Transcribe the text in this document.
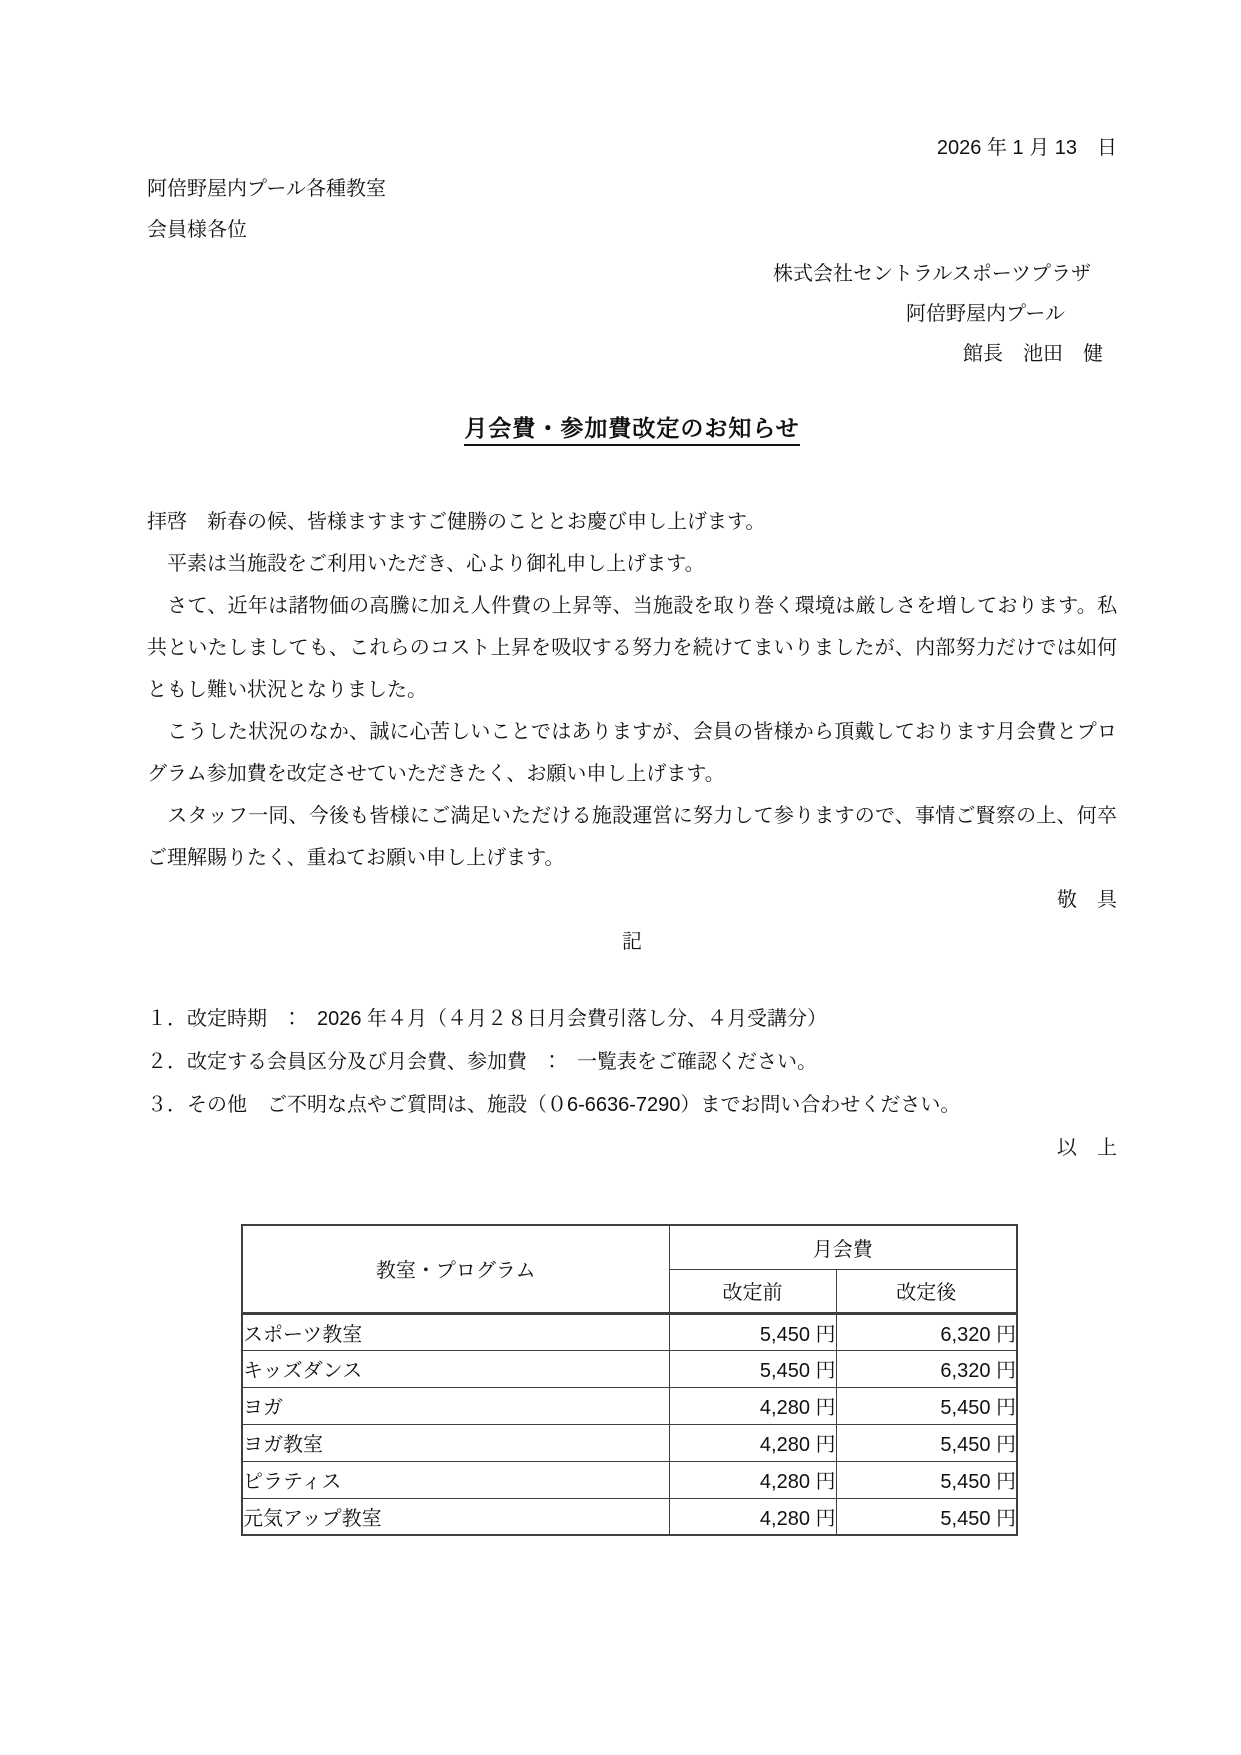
2026 年 1 月 13　日
阿倍野屋内プール各種教室
会員様各位
株式会社セントラルスポーツプラザ
阿倍野屋内プール
館長　池田　健
月会費・参加費改定のお知らせ

拝啓　新春の候、皆様ますますご健勝のこととお慶び申し上げます。

　平素は当施設をご利用いただき、心より御礼申し上げます。

　さて、近年は諸物価の高騰に加え人件費の上昇等、当施設を取り巻く環境は厳しさを増しております。私共といたしましても、これらのコスト上昇を吸収する努力を続けてまいりましたが、内部努力だけでは如何ともし難い状況となりました。

　こうした状況のなか、誠に心苦しいことではありますが、会員の皆様から頂戴しております月会費とプログラム参加費を改定させていただきたく、お願い申し上げます。

　スタッフ一同、今後も皆様にご満足いただける施設運営に努力して参りますので、事情ご賢察の上、何卒ご理解賜りたく、重ねてお願い申し上げます。

敬　具
記
１．改定時期　：　2026 年４月（４月２８日月会費引落し分、４月受講分）
２．改定する会員区分及び月会費、参加費　：　一覧表をご確認ください。
３．その他　ご不明な点やご質問は、施設（０6-6636-7290）までお問い合わせください。
以　上
教室・プログラム	月会費	
	改定前	改定後
スポーツ教室	5,450 円	6,320 円
キッズダンス	5,450 円	6,320 円
ヨガ	4,280 円	5,450 円
ヨガ教室	4,280 円	5,450 円
ピラティス	4,280 円	5,450 円
元気アップ教室	4,280 円	5,450 円
